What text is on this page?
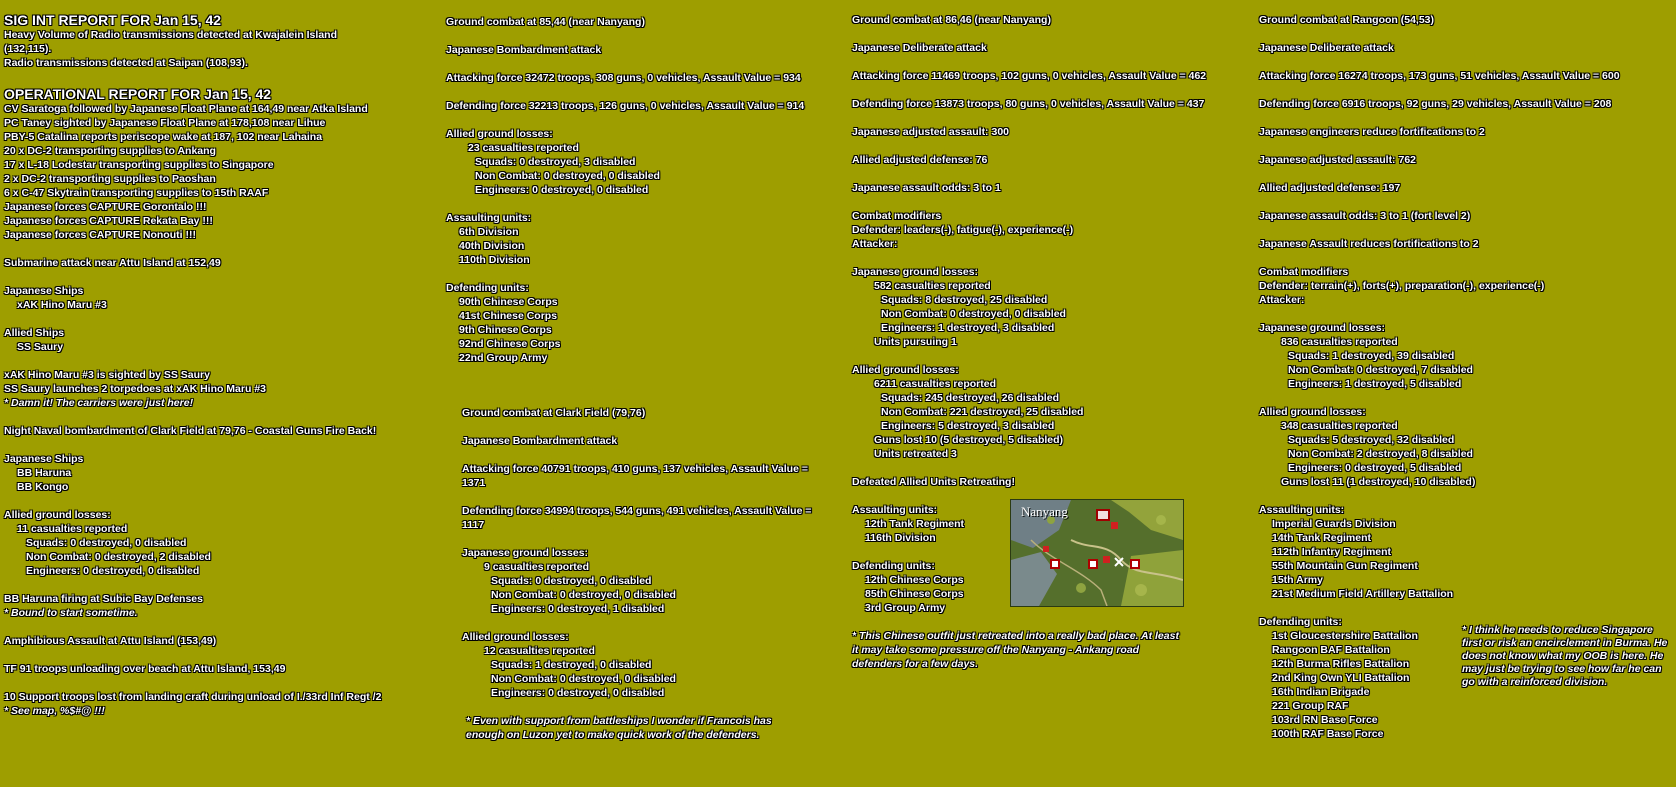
SIG INT REPORT FOR Jan 15, 42
Heavy Volume of Radio transmissions detected at Kwajalein Island
(132,115).
Radio transmissions detected at Saipan (108,93).
OPERATIONAL REPORT FOR Jan 15, 42
CV Saratoga followed by Japanese Float Plane at 164,49 near Atka Island
PC Taney sighted by Japanese Float Plane at 178,108 near Lihue
PBY-5 Catalina reports periscope wake at 187, 102 near Lahaina
20 x DC-2 transporting supplies to Ankang
17 x L-18 Lodestar transporting supplies to Singapore
2 x DC-2 transporting supplies to Paoshan
6 x C-47 Skytrain transporting supplies to 15th RAAF
Japanese forces CAPTURE Gorontalo !!!
Japanese forces CAPTURE Rekata Bay !!!
Japanese forces CAPTURE Nonouti !!!
Submarine attack near Attu Island at 152,49
Japanese Ships
xAK Hino Maru #3
Allied Ships
SS Saury
xAK Hino Maru #3 is sighted by SS Saury
SS Saury launches 2 torpedoes at xAK Hino Maru #3
* Damn it! The carriers were just here!
Night Naval bombardment of Clark Field at 79,76 - Coastal Guns Fire Back!
Japanese Ships
BB Haruna
BB Kongo
Allied ground losses:
11 casualties reported
Squads: 0 destroyed, 0 disabled
Non Combat: 0 destroyed, 2 disabled
Engineers: 0 destroyed, 0 disabled
BB Haruna firing at Subic Bay Defenses
* Bound to start sometime.
Amphibious Assault at Attu Island (153,49)
TF 91 troops unloading over beach at Attu Island, 153,49
10 Support troops lost from landing craft during unload of I./33rd Inf Regt /2
* See map, %$#@ !!!
Ground combat at 85,44 (near Nanyang)
Japanese Bombardment attack
Attacking force 32472 troops, 308 guns, 0 vehicles, Assault Value = 934
Defending force 32213 troops, 126 guns, 0 vehicles, Assault Value = 914
Allied ground losses:
23 casualties reported
Squads: 0 destroyed, 3 disabled
Non Combat: 0 destroyed, 0 disabled
Engineers: 0 destroyed, 0 disabled
Assaulting units:
6th Division
40th Division
110th Division
Defending units:
90th Chinese Corps
41st Chinese Corps
9th Chinese Corps
92nd Chinese Corps
22nd Group Army
Ground combat at Clark Field (79,76)
Japanese Bombardment attack
Attacking force 40791 troops, 410 guns, 137 vehicles, Assault Value =
1371
Defending force 34994 troops, 544 guns, 491 vehicles, Assault Value =
1117
Japanese ground losses:
9 casualties reported
Squads: 0 destroyed, 0 disabled
Non Combat: 0 destroyed, 0 disabled
Engineers: 0 destroyed, 1 disabled
Allied ground losses:
12 casualties reported
Squads: 1 destroyed, 0 disabled
Non Combat: 0 destroyed, 0 disabled
Engineers: 0 destroyed, 0 disabled
* Even with support from battleships I wonder if Francois has
enough on Luzon yet to make quick work of the defenders.
Ground combat at 86,46 (near Nanyang)
Japanese Deliberate attack
Attacking force 11469 troops, 102 guns, 0 vehicles, Assault Value = 462
Defending force 13873 troops, 80 guns, 0 vehicles, Assault Value = 437
Japanese adjusted assault: 300
Allied adjusted defense: 76
Japanese assault odds: 3 to 1
Combat modifiers
Defender: leaders(-), fatigue(-), experience(-)
Attacker:
Japanese ground losses:
582 casualties reported
Squads: 8 destroyed, 25 disabled
Non Combat: 0 destroyed, 0 disabled
Engineers: 1 destroyed, 3 disabled
Units pursuing 1
Allied ground losses:
6211 casualties reported
Squads: 245 destroyed, 26 disabled
Non Combat: 221 destroyed, 25 disabled
Engineers: 5 destroyed, 3 disabled
Guns lost 10 (5 destroyed, 5 disabled)
Units retreated 3
Defeated Allied Units Retreating!
Assaulting units:
12th Tank Regiment
116th Division
Defending units:
12th Chinese Corps
85th Chinese Corps
3rd Group Army
* This Chinese outfit just retreated into a really bad place. At least
it may take some pressure off the Nanyang - Ankang road
defenders for a few days.
Nanyang
Ground combat at Rangoon (54,53)
Japanese Deliberate attack
Attacking force 16274 troops, 173 guns, 51 vehicles, Assault Value = 600
Defending force 6916 troops, 92 guns, 29 vehicles, Assault Value = 208
Japanese engineers reduce fortifications to 2
Japanese adjusted assault: 762
Allied adjusted defense: 197
Japanese assault odds: 3 to 1 (fort level 2)
Japanese Assault reduces fortifications to 2
Combat modifiers
Defender: terrain(+), forts(+), preparation(-), experience(-)
Attacker:
Japanese ground losses:
836 casualties reported
Squads: 1 destroyed, 39 disabled
Non Combat: 0 destroyed, 7 disabled
Engineers: 1 destroyed, 5 disabled
Allied ground losses:
348 casualties reported
Squads: 5 destroyed, 32 disabled
Non Combat: 2 destroyed, 8 disabled
Engineers: 0 destroyed, 5 disabled
Guns lost 11 (1 destroyed, 10 disabled)
Assaulting units:
Imperial Guards Division
14th Tank Regiment
112th Infantry Regiment
55th Mountain Gun Regiment
15th Army
21st Medium Field Artillery Battalion
Defending units:
1st Gloucestershire Battalion
Rangoon BAF Battalion
12th Burma Rifles Battalion
2nd King Own YLI Battalion
16th Indian Brigade
221 Group RAF
103rd RN Base Force
100th RAF Base Force
* I think he needs to reduce Singapore first or risk an encirclement in Burma. He does not know what my OOB is here. He may just be trying to see how far he can go with a reinforced division.
